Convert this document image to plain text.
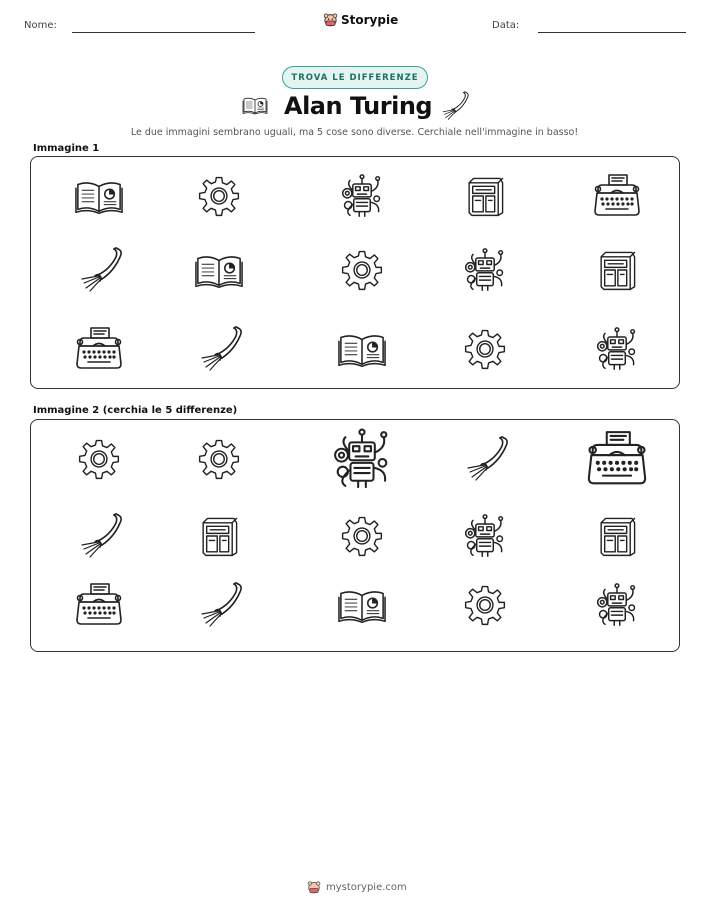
Nome:	Storypie	Data:
TROVA LE DIFFERENZE
Alan Turing
Le due immagini sembrano uguali, ma 5 cose sono diverse. Cerchiale nell'immagine in basso!
Immagine 1
Immagine 2 (cerchia le 5 differenze)
mystorypie.com
